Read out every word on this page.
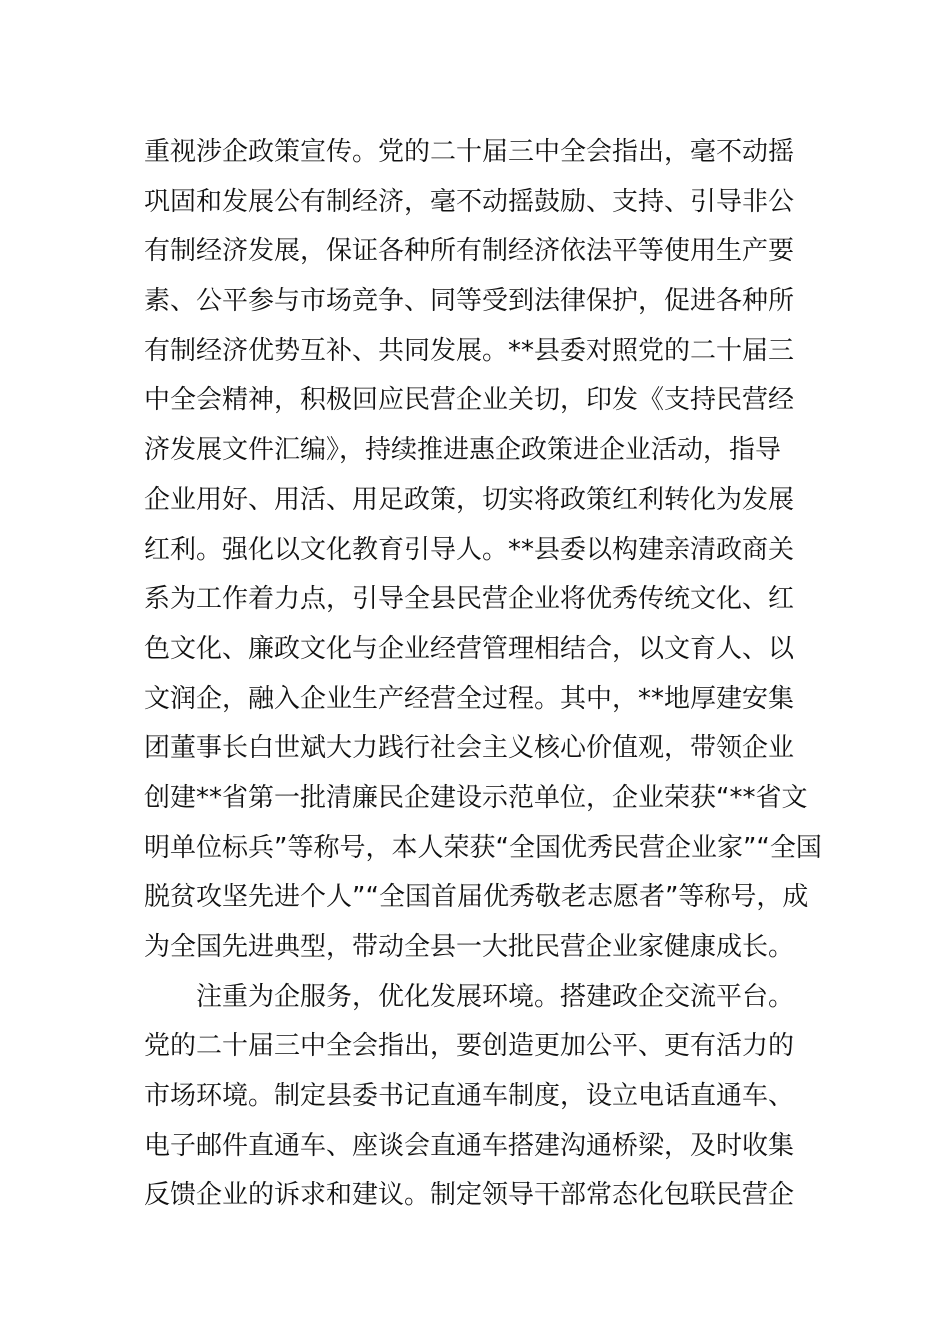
重视涉企政策宣传。党的二十届三中全会指出，毫不动摇
巩固和发展公有制经济，毫不动摇鼓励、支持、引导非公
有制经济发展，保证各种所有制经济依法平等使用生产要
素、公平参与市场竞争、同等受到法律保护，促进各种所
有制经济优势互补、共同发展。**县委对照党的二十届三
中全会精神，积极回应民营企业关切，印发《支持民营经
济发展文件汇编》，持续推进惠企政策进企业活动，指导
企业用好、用活、用足政策，切实将政策红利转化为发展
红利。强化以文化教育引导人。**县委以构建亲清政商关
系为工作着力点，引导全县民营企业将优秀传统文化、红
色文化、廉政文化与企业经营管理相结合，以文育人、以
文润企，融入企业生产经营全过程。其中，**地厚建安集
团董事长白世斌大力践行社会主义核心价值观，带领企业
创建**省第一批清廉民企建设示范单位，企业荣获“**省文
明单位标兵”等称号，本人荣获“全国优秀民营企业家”“全国
脱贫攻坚先进个人”“全国首届优秀敬老志愿者”等称号，成
为全国先进典型，带动全县一大批民营企业家健康成长。
注重为企服务，优化发展环境。搭建政企交流平台。
党的二十届三中全会指出，要创造更加公平、更有活力的
市场环境。制定县委书记直通车制度，设立电话直通车、
电子邮件直通车、座谈会直通车搭建沟通桥梁，及时收集
反馈企业的诉求和建议。制定领导干部常态化包联民营企
